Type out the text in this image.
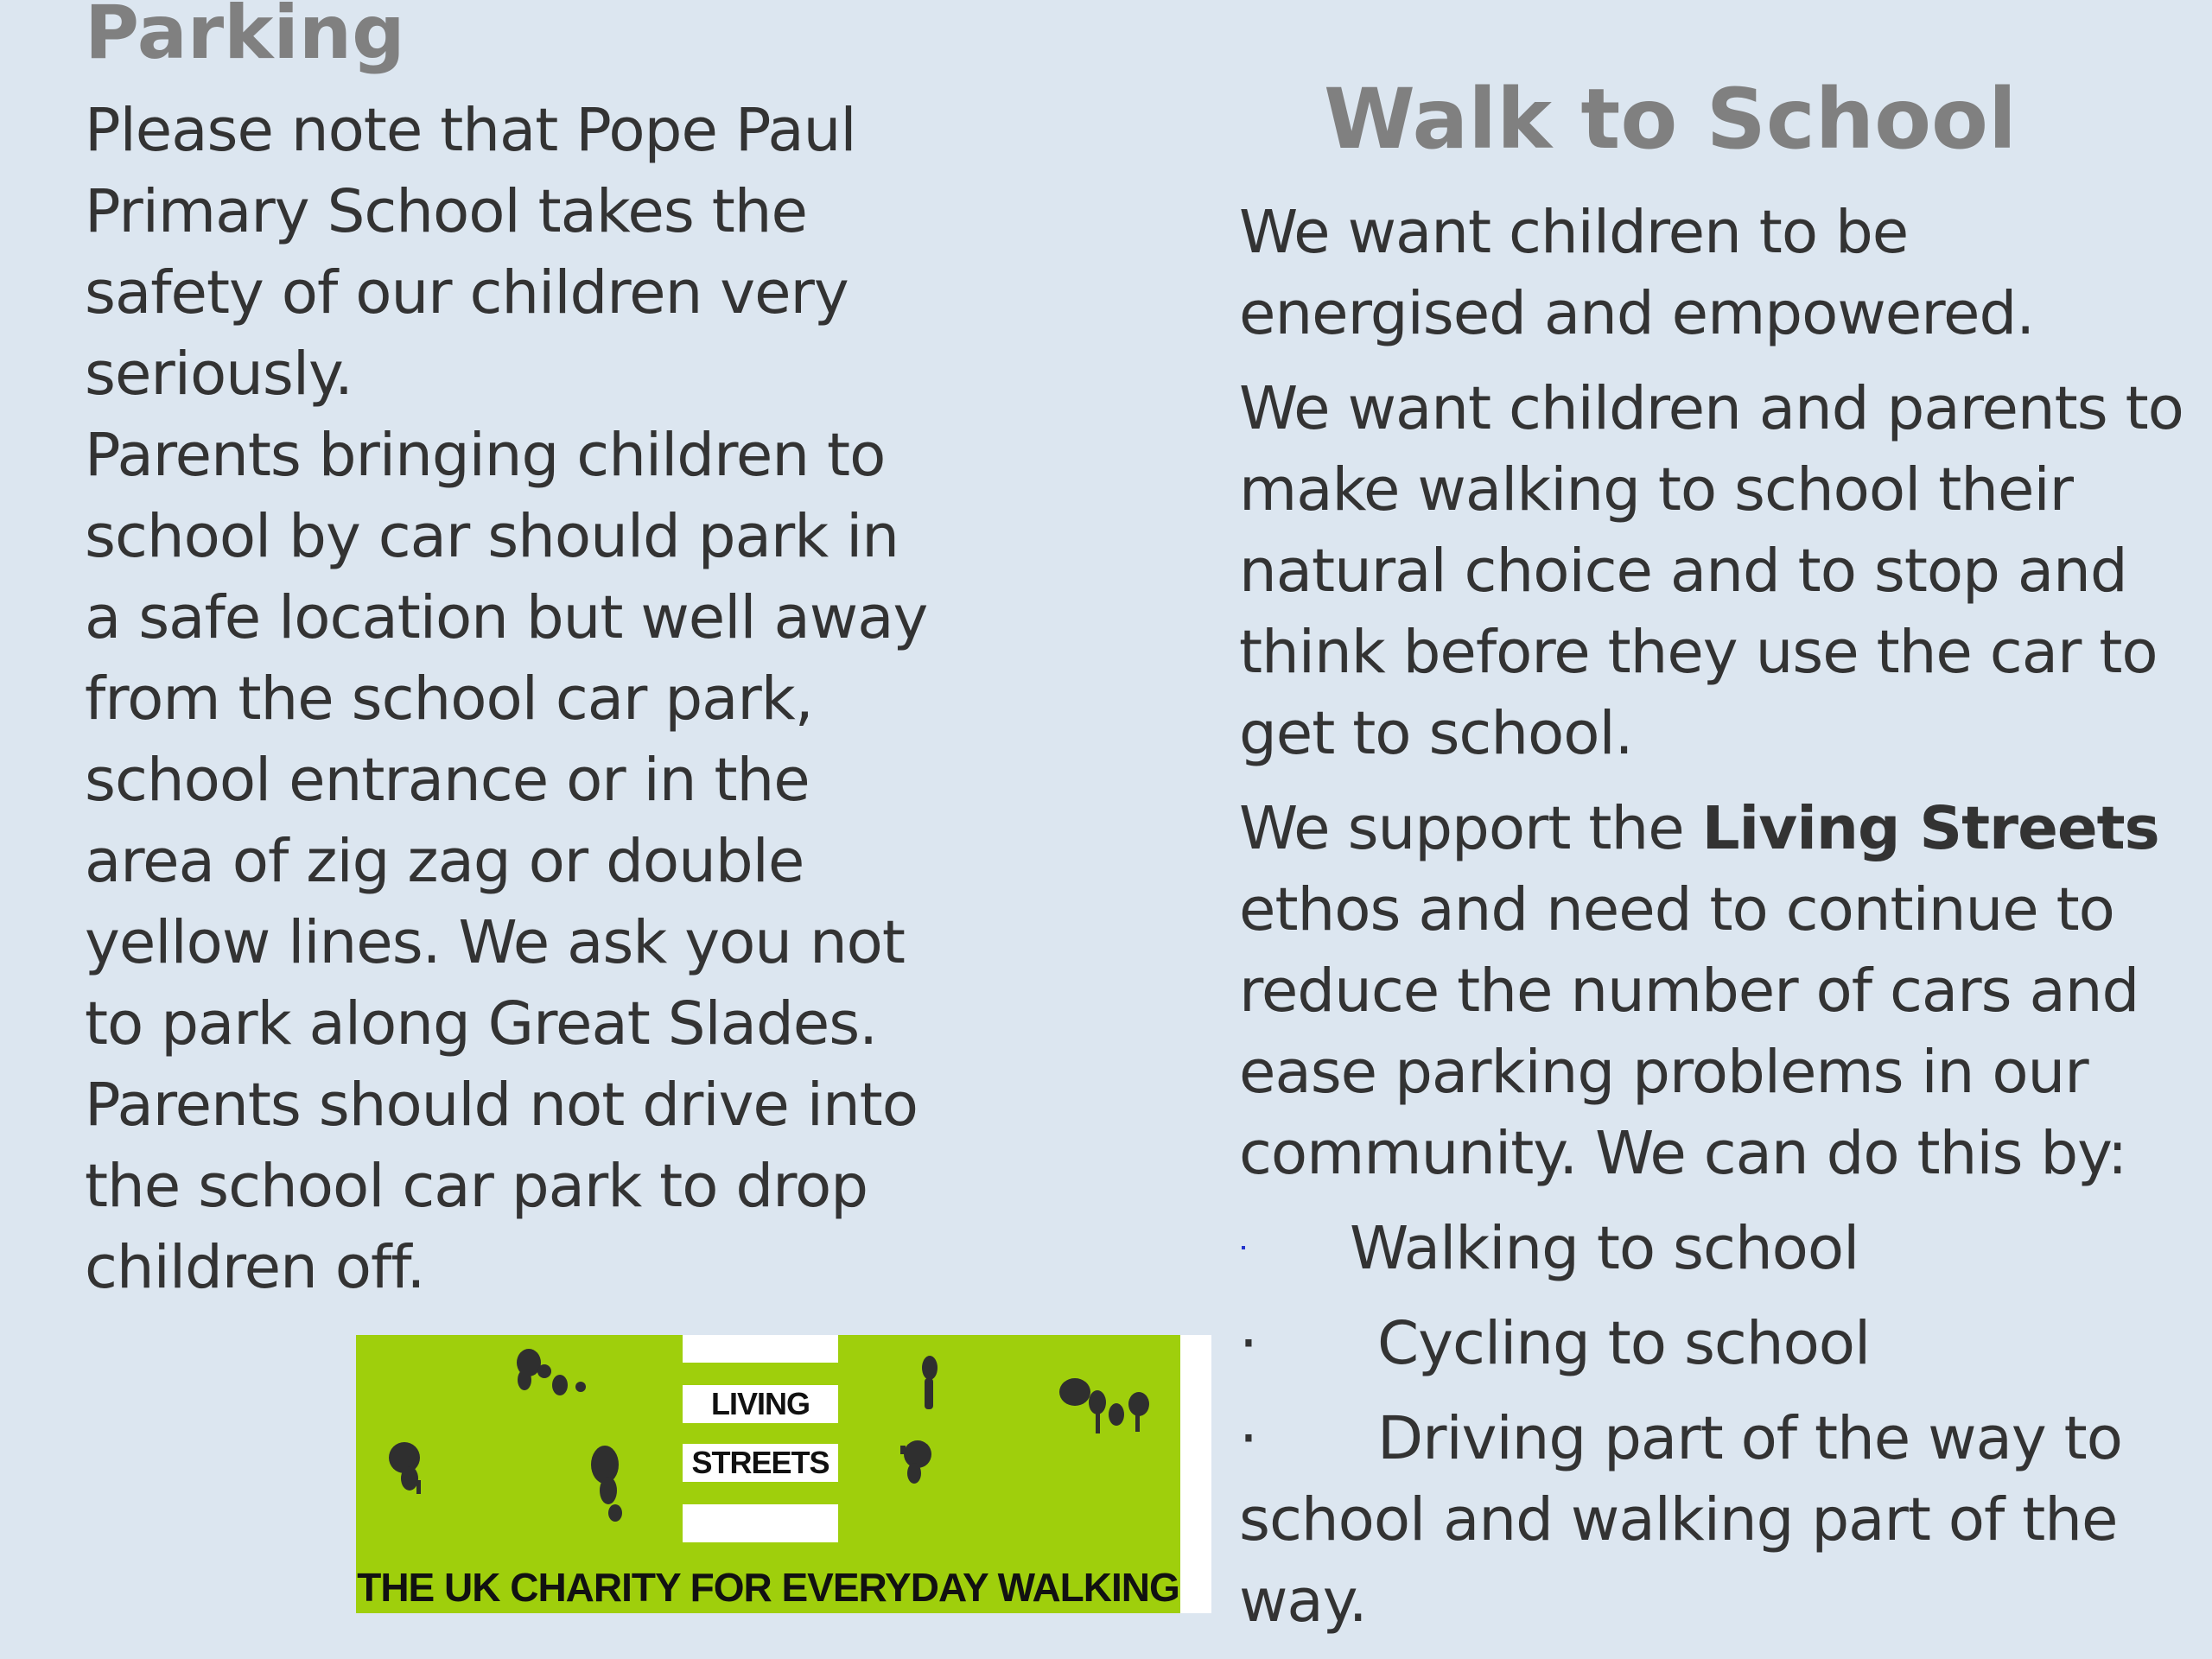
Parking

Please note that Pope Paul Primary School takes the safety of our children very seriously.

Parents bringing children to school by car should park in a safe location but well away from the school car park, school entrance or in the area of zig zag or double yellow lines. We ask you not to park along Great Slades.

Parents should not drive into the school car park to drop children off.

Walk to School

We want children to be energised and empowered.

We want children and parents to make walking to school their natural choice and to stop and think before they use the car to get to school.

We support the Living Streets ethos and need to continue to reduce the number of cars and ease parking problems in our community. We can do this by:

Walking to school
· Cycling to school
· Driving part of the way to

school and walking part of the way.

LIVING
STREETS
THE UK CHARITY FOR EVERYDAY WALKING
